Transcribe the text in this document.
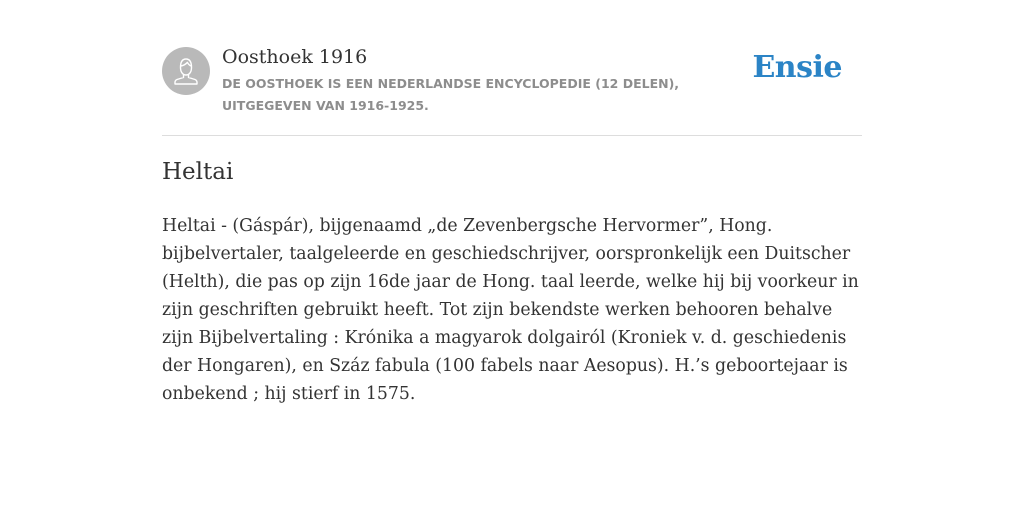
Oosthoek 1916
DE OOSTHOEK IS EEN NEDERLANDSE ENCYCLOPEDIE (12 DELEN), UITGEGEVEN VAN 1916-1925.
Ensie
Heltai

Heltai - (Gáspár), bijgenaamd „de Zevenbergsche Hervormer”, Hong. bijbelvertaler, taalgeleerde en geschiedschrijver, oorspronkelijk een Duitscher (Helth), die pas op zijn 16de jaar de Hong. taal leerde, welke hij bij voorkeur in zijn geschriften gebruikt heeft. Tot zijn bekendste werken behooren behalve zijn Bijbelvertaling : Krónika a magyarok dolgairól (Kroniek v. d. geschiedenis der Hongaren), en Száz fabula (100 fabels naar Aesopus). H.’s geboortejaar is onbekend ; hij stierf in 1575.
